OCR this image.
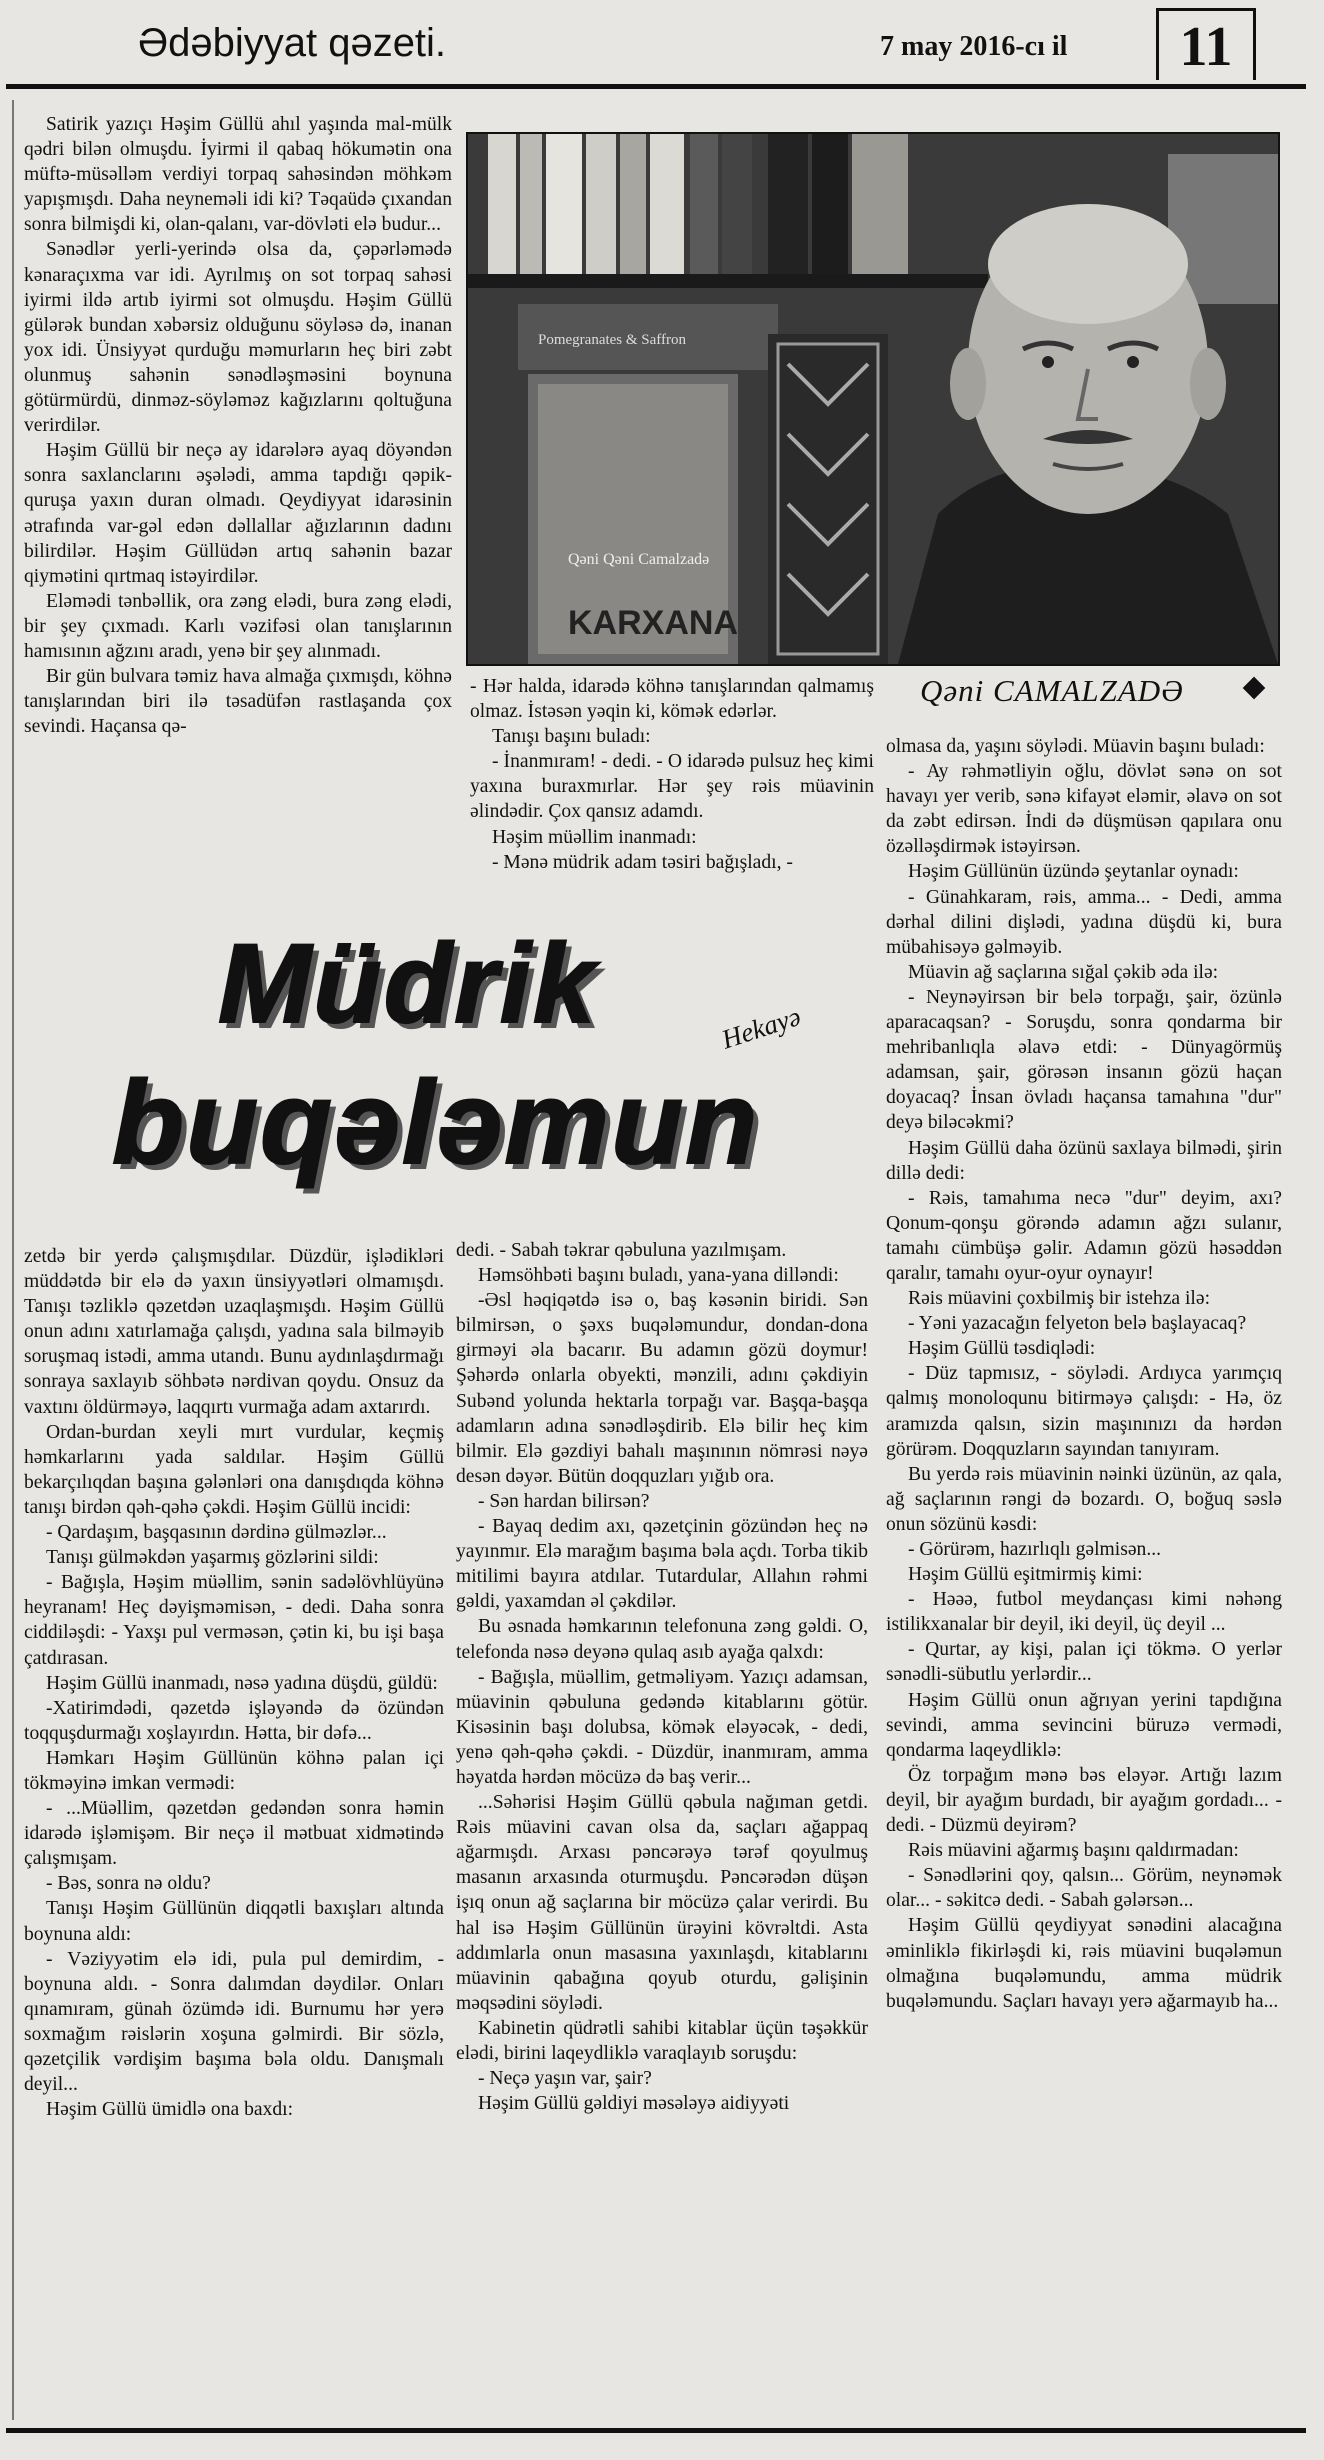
Ədəbiyyat qəzeti.	7 may 2016-cı il	11

Satirik yazıçı Həşim Güllü ahıl yaşında mal-mülk qədri bilən olmuşdu. İyirmi il qabaq hökumətin ona müftə-müsəlləm verdiyi torpaq sahəsindən möhkəm yapışmışdı. Daha neyneməli idi ki? Təqaüdə çıxandan sonra bilmişdi ki, olan-qalanı, var-dövləti elə budur...

Sənədlər yerli-yerində olsa da, çəpərləmədə kənaraçıxma var idi. Ayrılmış on sot torpaq sahəsi iyirmi ildə artıb iyirmi sot olmuşdu. Həşim Güllü gülərək bundan xəbərsiz olduğunu söyləsə də, inanan yox idi. Ünsiyyət qurduğu məmurların heç biri zəbt olunmuş sahənin sənədləşməsini boynuna götürmürdü, dinməz-söyləməz kağızlarını qoltuğuna verirdilər.

Həşim Güllü bir neçə ay idarələrə ayaq döyəndən sonra saxlanclarını əşələdi, amma tapdığı qəpik-quruşa yaxın duran olmadı. Qeydiyyat idarəsinin ətrafında var-gəl edən dəllallar ağızlarının dadını bilirdilər. Həşim Güllüdən artıq sahənin bazar qiymətini qırtmaq istəyirdilər.

Eləmədi tənbəllik, ora zəng elədi, bura zəng elədi, bir şey çıxmadı. Karlı vəzifəsi olan tanışlarının hamısının ağzını aradı, yenə bir şey alınmadı.

Bir gün bulvara təmiz hava almağa çıxmışdı, köhnə tanışlarından biri ilə təsadüfən rastlaşanda çox sevindi. Haçansa qə-

Pomegranates & Saffron
Qəni Qəni Camalzadə
KARXANA
Qəni CAMALZADƏ

- Hər halda, idarədə köhnə tanışlarından qalmamış olmaz. İstəsən yəqin ki, kömək edərlər.

Tanışı başını buladı:

- İnanmıram! - dedi. - O idarədə pulsuz heç kimi yaxına buraxmırlar. Hər şey rəis müavinin əlindədir. Çox qansız adamdı.

Həşim müəllim inanmadı:

- Mənə müdrik adam təsiri bağışladı, -

olmasa da, yaşını söylədi. Müavin başını buladı:

- Ay rəhmətliyin oğlu, dövlət sənə on sot havayı yer verib, sənə kifayət eləmir, əlavə on sot da zəbt edirsən. İndi də düşmüsən qapılara onu özəlləşdirmək istəyirsən.

Həşim Güllünün üzündə şeytanlar oynadı:

- Günahkaram, rəis, amma... - Dedi, amma dərhal dilini dişlədi, yadına düşdü ki, bura mübahisəyə gəlməyib.

Müavin ağ saçlarına sığal çəkib əda ilə:

- Neynəyirsən bir belə torpağı, şair, özünlə aparacaqsan? - Soruşdu, sonra qondarma bir mehribanlıqla əlavə etdi: - Dünyagörmüş adamsan, şair, görəsən insanın gözü haçan doyacaq? İnsan övladı haçansa tamahına "dur" deyə biləcəkmi?

Həşim Güllü daha özünü saxlaya bilmədi, şirin dillə dedi:

- Rəis, tamahıma necə "dur" deyim, axı? Qonum-qonşu görəndə adamın ağzı sulanır, tamahı cümbüşə gəlir. Adamın gözü həsəddən qaralır, tamahı oyur-oyur oynayır!

Rəis müavini çoxbilmiş bir istehza ilə:

- Yəni yazacağın felyeton belə başlayacaq?

Həşim Güllü təsdiqlədi:

- Düz tapmısız, - söylədi. Ardıyca yarımçıq qalmış monoloqunu bitirməyə çalışdı: - Hə, öz aramızda qalsın, sizin maşınınızı da hərdən görürəm. Doqquzların sayından tanıyıram.

Bu yerdə rəis müavinin nəinki üzünün, az qala, ağ saçlarının rəngi də bozardı. O, boğuq səslə onun sözünü kəsdi:

- Görürəm, hazırlıqlı gəlmisən...

Həşim Güllü eşitmirmiş kimi:

- Həəə, futbol meydançası kimi nəhəng istilikxanalar bir deyil, iki deyil, üç deyil ...

- Qurtar, ay kişi, palan içi tökmə. O yerlər sənədli-sübutlu yerlərdir...

Həşim Güllü onun ağrıyan yerini tapdığına sevindi, amma sevincini büruzə vermədi, qondarma laqeydliklə:

Öz torpağım mənə bəs eləyər. Artığı lazım deyil, bir ayağım burdadı, bir ayağım gordadı... -dedi. - Düzmü deyirəm?

Rəis müavini ağarmış başını qaldırmadan:

- Sənədlərini qoy, qalsın... Görüm, neynəmək olar... - səkitcə dedi. - Sabah gələrsən...

Həşim Güllü qeydiyyat sənədini alacağına əminliklə fikirləşdi ki, rəis müavini buqələmun olmağına buqələmundu, amma müdrik buqələmundu. Saçları havayı yerə ağarmayıb ha...

Müdrik
buqələmun
Hekayə

zetdə bir yerdə çalışmışdılar. Düzdür, işlədikləri müddətdə bir elə də yaxın ünsiyyətləri olmamışdı. Tanışı təzliklə qəzetdən uzaqlaşmışdı. Həşim Güllü onun adını xatırlamağa çalışdı, yadına sala bilməyib soruşmaq istədi, amma utandı. Bunu aydınlaşdırmağı sonraya saxlayıb söhbətə nərdivan qoydu. Onsuz da vaxtını öldürməyə, laqqırtı vurmağa adam axtarırdı.

Ordan-burdan xeyli mırt vurdular, keçmiş həmkarlarını yada saldılar. Həşim Güllü bekarçılıqdan başına gələnləri ona danışdıqda köhnə tanışı birdən qəh-qəhə çəkdi. Həşim Güllü incidi:

- Qardaşım, başqasının dərdinə gülməzlər...

Tanışı gülməkdən yaşarmış gözlərini sildi:

- Bağışla, Həşim müəllim, sənin sadəlövhlüyünə heyranam! Heç dəyişməmisən, - dedi. Daha sonra ciddiləşdi: - Yaxşı pul verməsən, çətin ki, bu işi başa çatdırasan.

Həşim Güllü inanmadı, nəsə yadına düşdü, güldü:

-Xatirimdədi, qəzetdə işləyəndə də özündən toqquşdurmağı xoşlayırdın. Hətta, bir dəfə...

Həmkarı Həşim Güllünün köhnə palan içi tökməyinə imkan vermədi:

- ...Müəllim, qəzetdən gedəndən sonra həmin idarədə işləmişəm. Bir neçə il mətbuat xidmətində çalışmışam.

- Bəs, sonra nə oldu?

Tanışı Həşim Güllünün diqqətli baxışları altında boynuna aldı:

- Vəziyyətim elə idi, pula pul demirdim, - boynuna aldı. - Sonra dalımdan dəydilər. Onları qınamıram, günah özümdə idi. Burnumu hər yerə soxmağım rəislərin xoşuna gəlmirdi. Bir sözlə, qəzetçilik vərdişim başıma bəla oldu. Danışmalı deyil...

Həşim Güllü ümidlə ona baxdı:

dedi. - Sabah təkrar qəbuluna yazılmışam.

Həmsöhbəti başını buladı, yana-yana dilləndi:

-Əsl həqiqətdə isə o, baş kəsənin biridi. Sən bilmirsən, o şəxs buqələmundur, dondan-dona girməyi əla bacarır. Bu adamın gözü doymur! Şəhərdə onlarla obyekti, mənzili, adını çəkdiyin Subənd yolunda hektarla torpağı var. Başqa-başqa adamların adına sənədləşdirib. Elə bilir heç kim bilmir. Elə gəzdiyi bahalı maşınının nömrəsi nəyə desən dəyər. Bütün doqquzları yığıb ora.

- Sən hardan bilirsən?

- Bayaq dedim axı, qəzetçinin gözündən heç nə yayınmır. Elə marağım başıma bəla açdı. Torba tikib mitilimi bayıra atdılar. Tutardular, Allahın rəhmi gəldi, yaxamdan əl çəkdilər.

Bu əsnada həmkarının telefonuna zəng gəldi. O, telefonda nəsə deyənə qulaq asıb ayağa qalxdı:

- Bağışla, müəllim, getməliyəm. Yazıçı adamsan, müavinin qəbuluna gedəndə kitablarını götür. Kisəsinin başı dolubsa, kömək eləyəcək, - dedi, yenə qəh-qəhə çəkdi. - Düzdür, inanmıram, amma həyatda hərdən möcüzə də baş verir...

...Səhərisi Həşim Güllü qəbula nağıman getdi. Rəis müavini cavan olsa da, saçları ağappaq ağarmışdı. Arxası pəncərəyə tərəf qoyulmuş masanın arxasında oturmuşdu. Pəncərədən düşən işıq onun ağ saçlarına bir möcüzə çalar verirdi. Bu hal isə Həşim Güllünün ürəyini kövrəltdi. Asta addımlarla onun masasına yaxınlaşdı, kitablarını müavinin qabağına qoyub oturdu, gəlişinin məqsədini söylədi.

Kabinetin qüdrətli sahibi kitablar üçün təşəkkür elədi, birini laqeydliklə varaqlayıb soruşdu:

- Neçə yaşın var, şair?

Həşim Güllü gəldiyi məsələyə aidiyyəti
